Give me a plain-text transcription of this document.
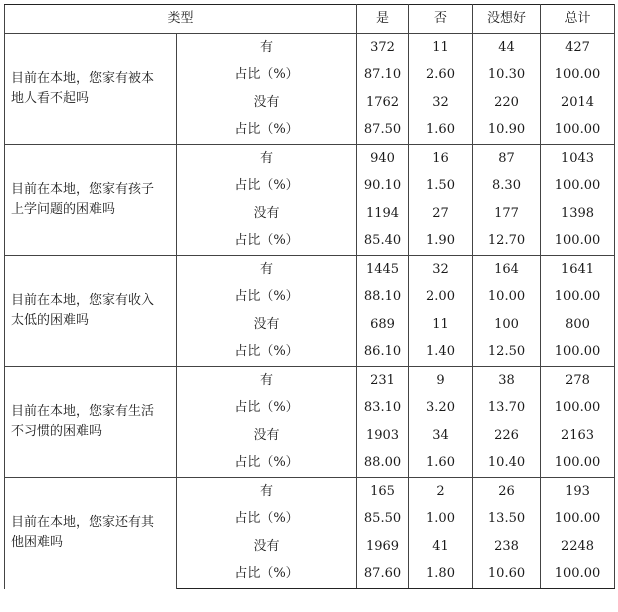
类型		是	否	没想好	总计

目前在本地，您家有被本
地人看不起吗	有	372	11	44	427
	占比（%）	87.10	2.60	10.30	100.00
	没有	1762	32	220	2014
	占比（%）	87.50	1.60	10.90	100.00

目前在本地，您家有孩子
上学问题的困难吗	有	940	16	87	1043
	占比（%）	90.10	1.50	8.30	100.00
	没有	1194	27	177	1398
	占比（%）	85.40	1.90	12.70	100.00

目前在本地，您家有收入
太低的困难吗	有	1445	32	164	1641
	占比（%）	88.10	2.00	10.00	100.00
	没有	689	11	100	800
	占比（%）	86.10	1.40	12.50	100.00

目前在本地，您家有生活
不习惯的困难吗	有	231	9	38	278
	占比（%）	83.10	3.20	13.70	100.00
	没有	1903	34	226	2163
	占比（%）	88.00	1.60	10.40	100.00

目前在本地，您家还有其
他困难吗	有	165	2	26	193
	占比（%）	85.50	1.00	13.50	100.00
	没有	1969	41	238	2248
	占比（%）	87.60	1.80	10.60	100.00
